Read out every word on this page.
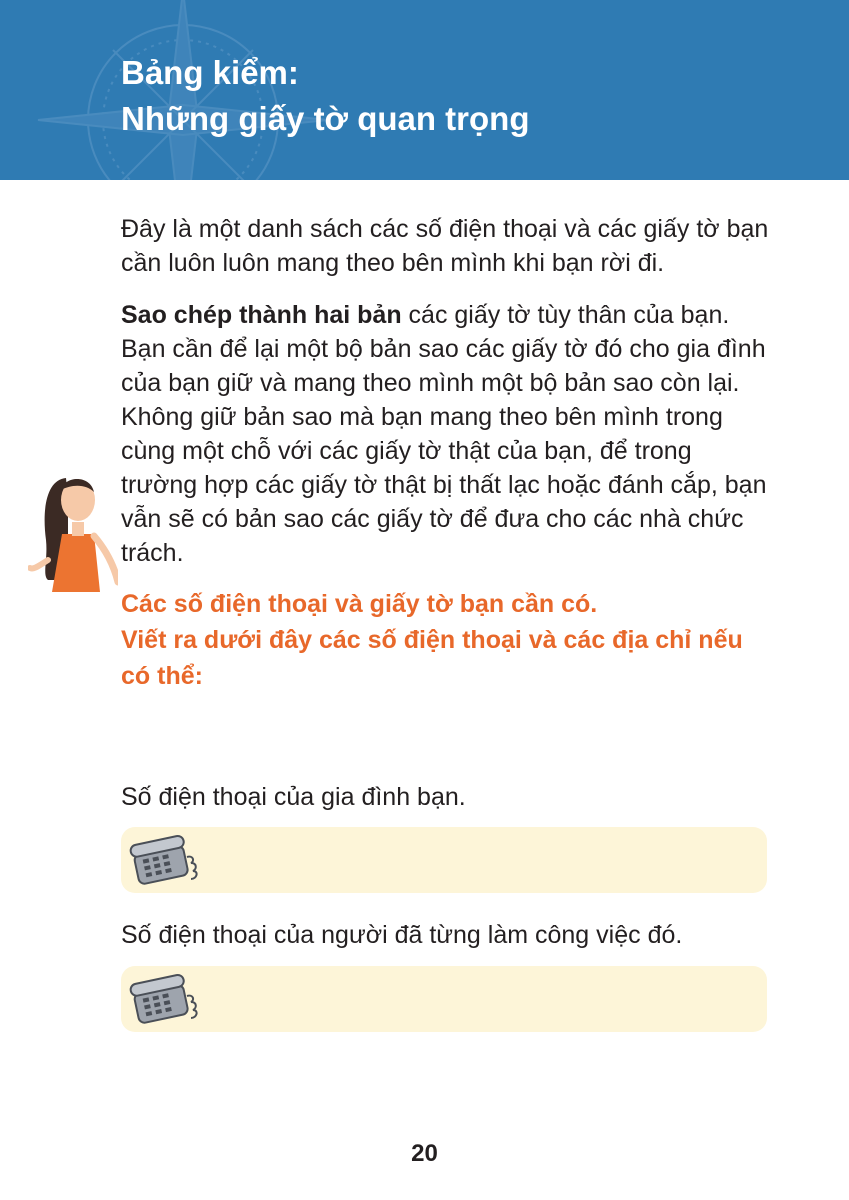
Bảng kiểm:
Những giấy tờ quan trọng

Đây là một danh sách các số điện thoại và các giấy tờ bạn cần luôn luôn mang theo bên mình khi bạn rời đi.

Sao chép thành hai bản các giấy tờ tùy thân của bạn. Bạn cần để lại một bộ bản sao các giấy tờ đó cho gia đình của bạn giữ và mang theo mình một bộ bản sao còn lại. Không giữ bản sao mà bạn mang theo bên mình trong cùng một chỗ với các giấy tờ thật của bạn, để trong trường hợp các giấy tờ thật bị thất lạc hoặc đánh cắp, bạn vẫn sẽ có bản sao các giấy tờ để đưa cho các nhà chức trách.

Các số điện thoại và giấy tờ bạn cần có.
Viết ra dưới đây các số điện thoại và các địa chỉ nếu có thể:
Số điện thoại của gia đình bạn.
Số điện thoại của người đã từng làm công việc đó.
20
